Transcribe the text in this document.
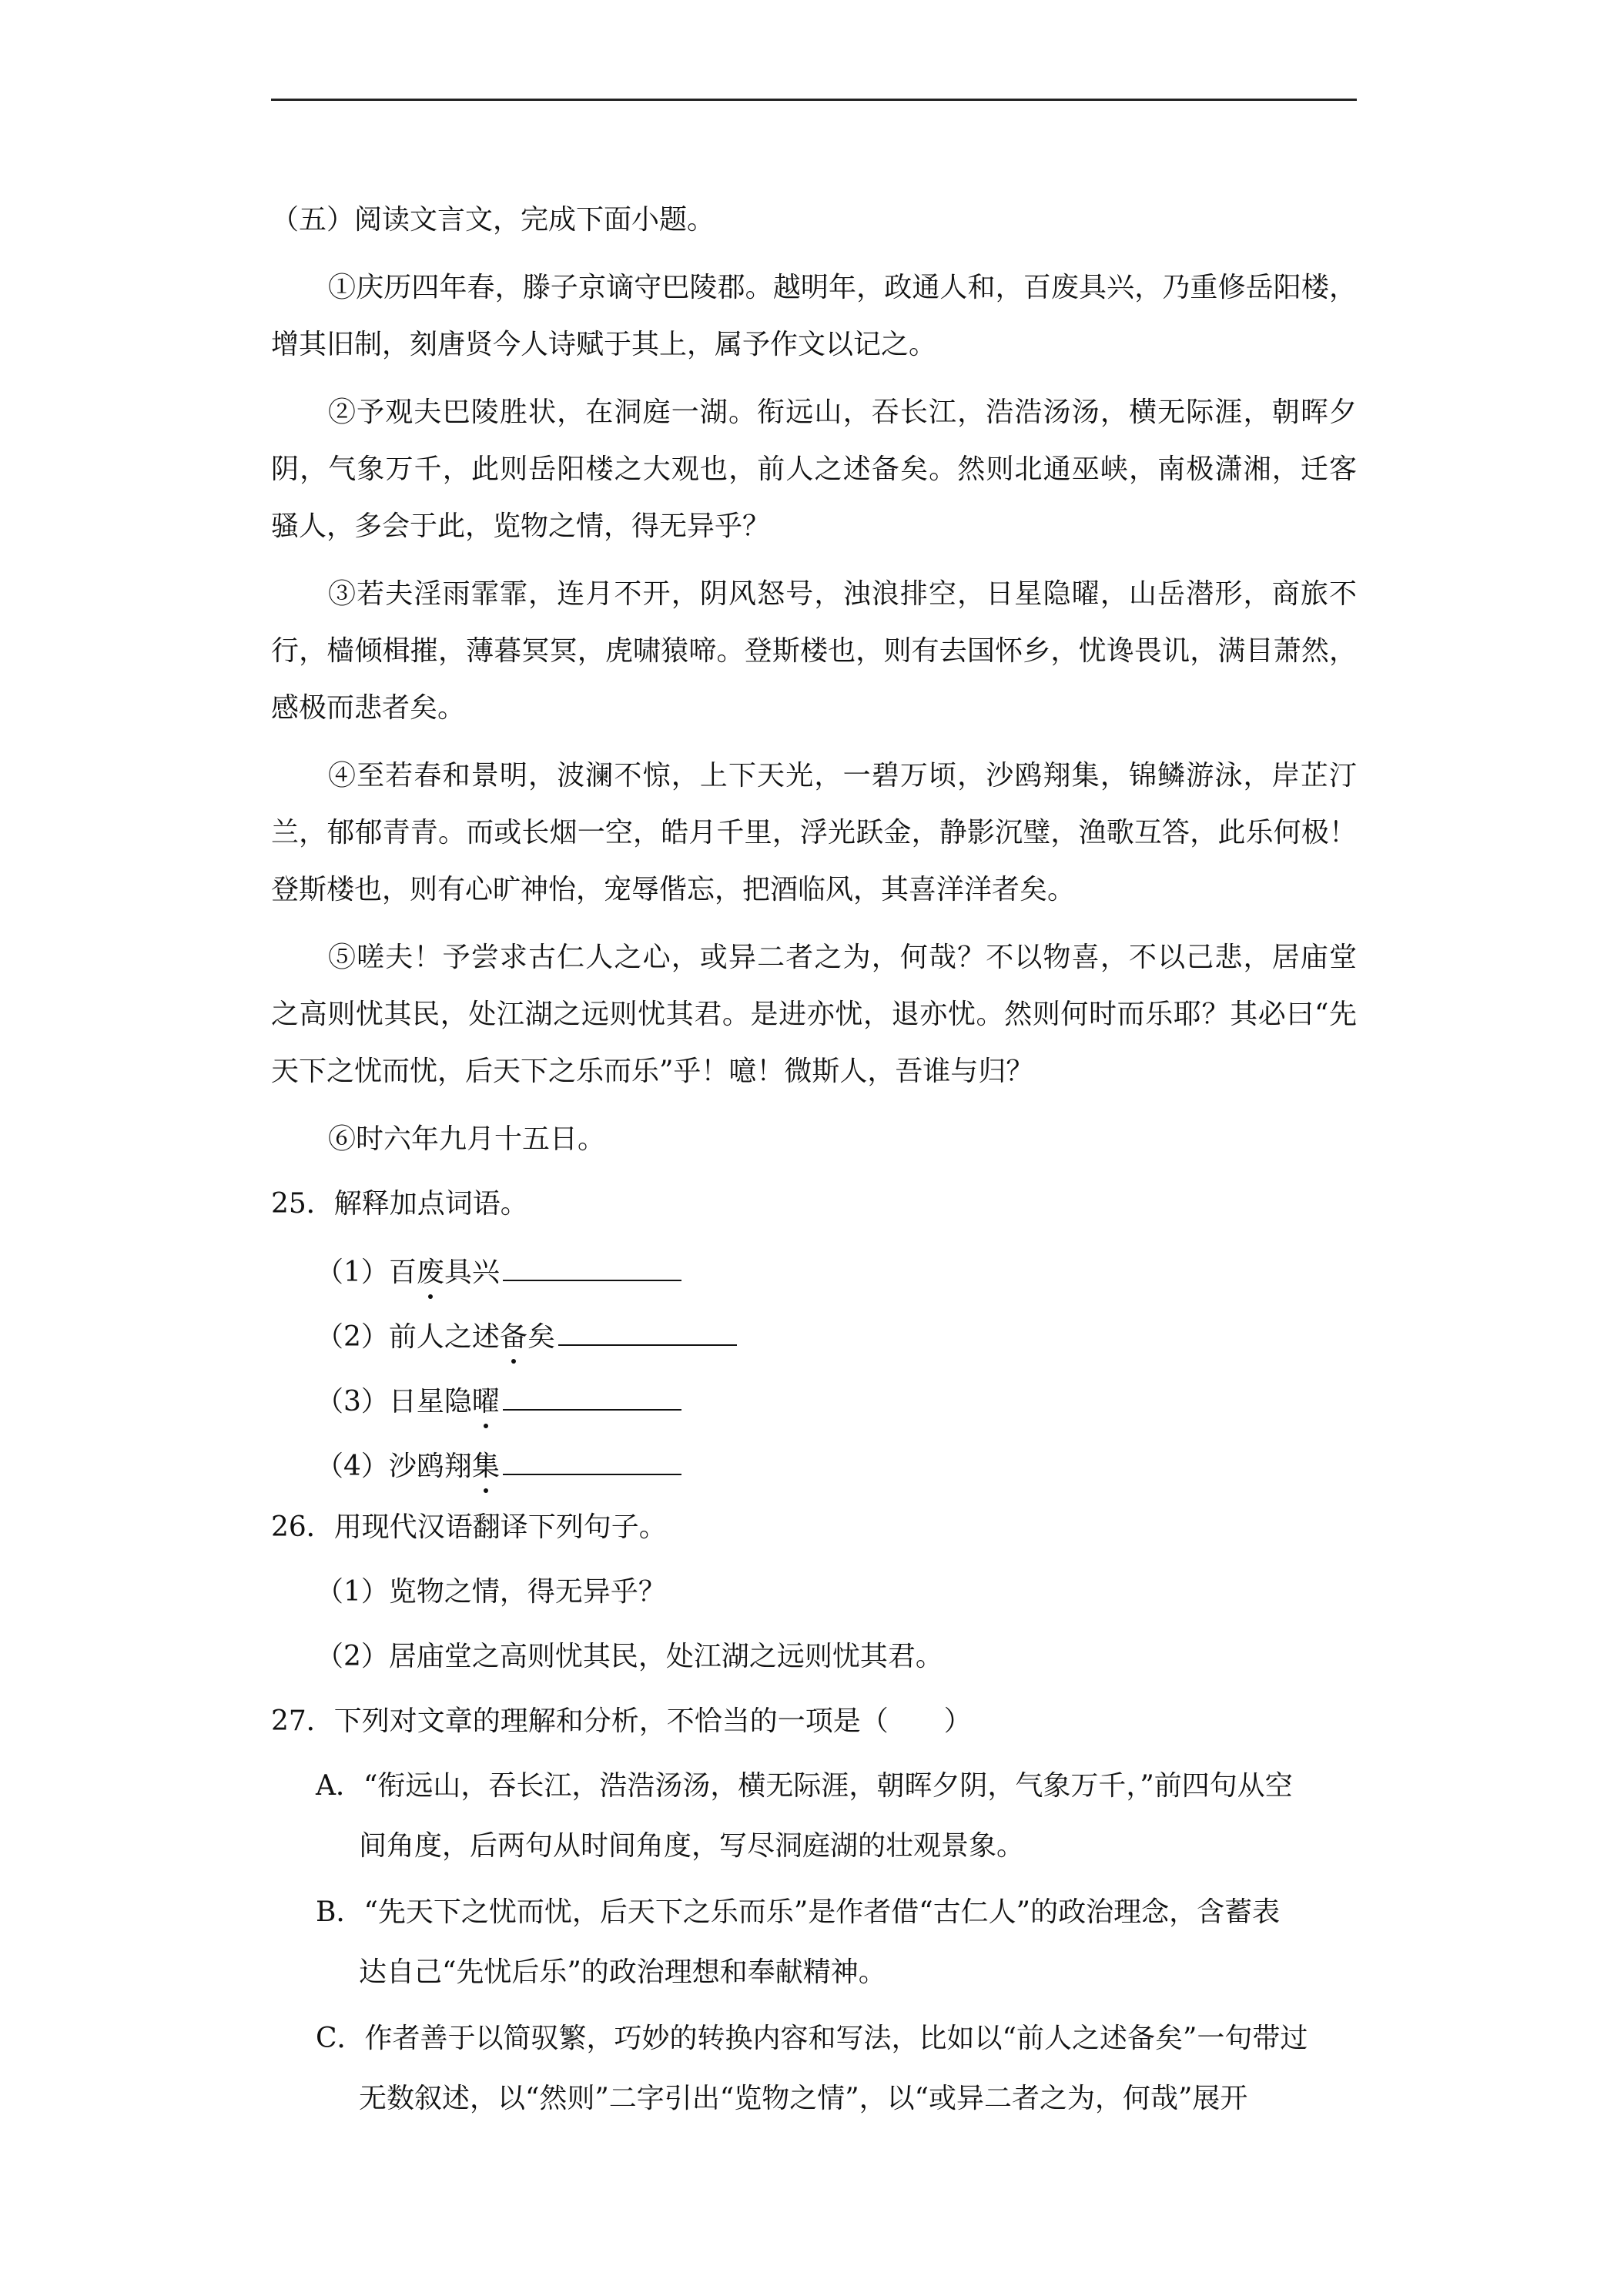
（五）阅读文言文，完成下面小题。
①庆历四年春，滕子京谪守巴陵郡。越明年，政通人和，百废具兴，乃重修岳阳楼，
增其旧制，刻唐贤今人诗赋于其上，属予作文以记之。
②予观夫巴陵胜状，在洞庭一湖。衔远山，吞长江，浩浩汤汤，横无际涯，朝晖夕
阴，气象万千，此则岳阳楼之大观也，前人之述备矣。然则北通巫峡，南极潇湘，迁客
骚人，多会于此，览物之情，得无异乎？
③若夫淫雨霏霏，连月不开，阴风怒号，浊浪排空，日星隐曜，山岳潜形，商旅不
行，樯倾楫摧，薄暮冥冥，虎啸猿啼。登斯楼也，则有去国怀乡，忧谗畏讥，满目萧然，
感极而悲者矣。
④至若春和景明，波澜不惊，上下天光，一碧万顷，沙鸥翔集，锦鳞游泳，岸芷汀
兰，郁郁青青。而或长烟一空，皓月千里，浮光跃金，静影沉璧，渔歌互答，此乐何极！
登斯楼也，则有心旷神怡，宠辱偕忘，把酒临风，其喜洋洋者矣。
⑤嗟夫！予尝求古仁人之心，或异二者之为，何哉？不以物喜，不以己悲，居庙堂
之高则忧其民，处江湖之远则忧其君。是进亦忧，退亦忧。然则何时而乐耶？其必曰“先
天下之忧而忧，后天下之乐而乐”乎！噫！微斯人，吾谁与归？
⑥时六年九月十五日。
25．解释加点词语。
（1）百废具兴
（2）前人之述备矣
（3）日星隐曜
（4）沙鸥翔集
26．用现代汉语翻译下列句子。
（1）览物之情，得无异乎？
（2）居庙堂之高则忧其民，处江湖之远则忧其君。
27．下列对文章的理解和分析，不恰当的一项是（　　）
A．“衔远山，吞长江，浩浩汤汤，横无际涯，朝晖夕阴，气象万千，”前四句从空
间角度，后两句从时间角度，写尽洞庭湖的壮观景象。
B．“先天下之忧而忧，后天下之乐而乐”是作者借“古仁人”的政治理念，含蓄表
达自己“先忧后乐”的政治理想和奉献精神。
C．作者善于以简驭繁，巧妙的转换内容和写法，比如以“前人之述备矣”一句带过
无数叙述，以“然则”二字引出“览物之情”，以“或异二者之为，何哉”展开
